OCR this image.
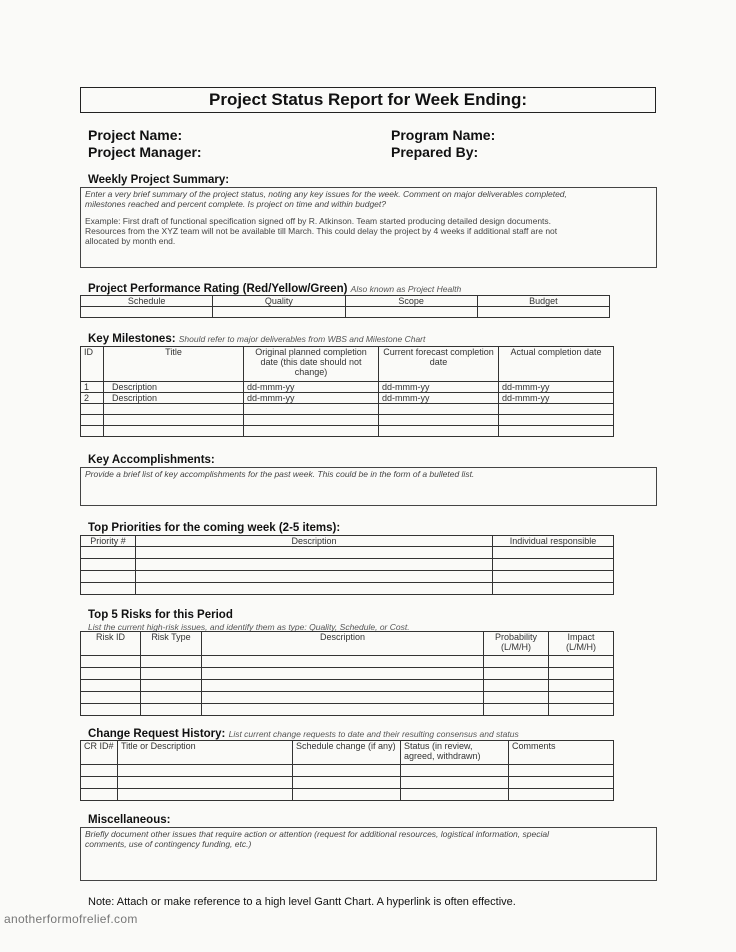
Project Status Report for Week Ending:
Project Name:
Project Manager:
Program Name:
Prepared By:
Weekly Project Summary:
Enter a very brief summary of the project status, noting any key issues for the week. Comment on major deliverables completed,
milestones reached and percent complete. Is project on time and within budget?
Example: First draft of functional specification signed off by R. Atkinson. Team started producing detailed design documents.
Resources from the XYZ team will not be available till March. This could delay the project by 4 weeks if additional staff are not
allocated by month end.
Project Performance Rating (Red/Yellow/Green) Also known as Project Health
Schedule	Quality	Scope	Budget

Key Milestones: Should refer to major deliverables from WBS and Milestone Chart
ID	Title	Original planned completion date (this date should not change)	Current forecast completion date	Actual completion date
1	Description	dd-mmm-yy	dd-mmm-yy	dd-mmm-yy
2	Description	dd-mmm-yy	dd-mmm-yy	dd-mmm-yy

Key Accomplishments:
Provide a brief list of key accomplishments for the past week. This could be in the form of a bulleted list.
Top Priorities for the coming week (2-5 items):
Priority #	Description	Individual responsible

Top 5 Risks for this Period
List the current high-risk issues, and identify them as type: Quality, Schedule, or Cost.
Risk ID	Risk Type	Description	Probability (L/M/H)	Impact (L/M/H)

Change Request History: List current change requests to date and their resulting consensus and status
CR ID#	Title or Description	Schedule change (if any)	Status (in review, agreed, withdrawn)	Comments

Miscellaneous:
Briefly document other issues that require action or attention (request for additional resources, logistical information, special
comments, use of contingency funding, etc.)
Note: Attach or make reference to a high level Gantt Chart. A hyperlink is often effective.
anotherformofrelief.com
